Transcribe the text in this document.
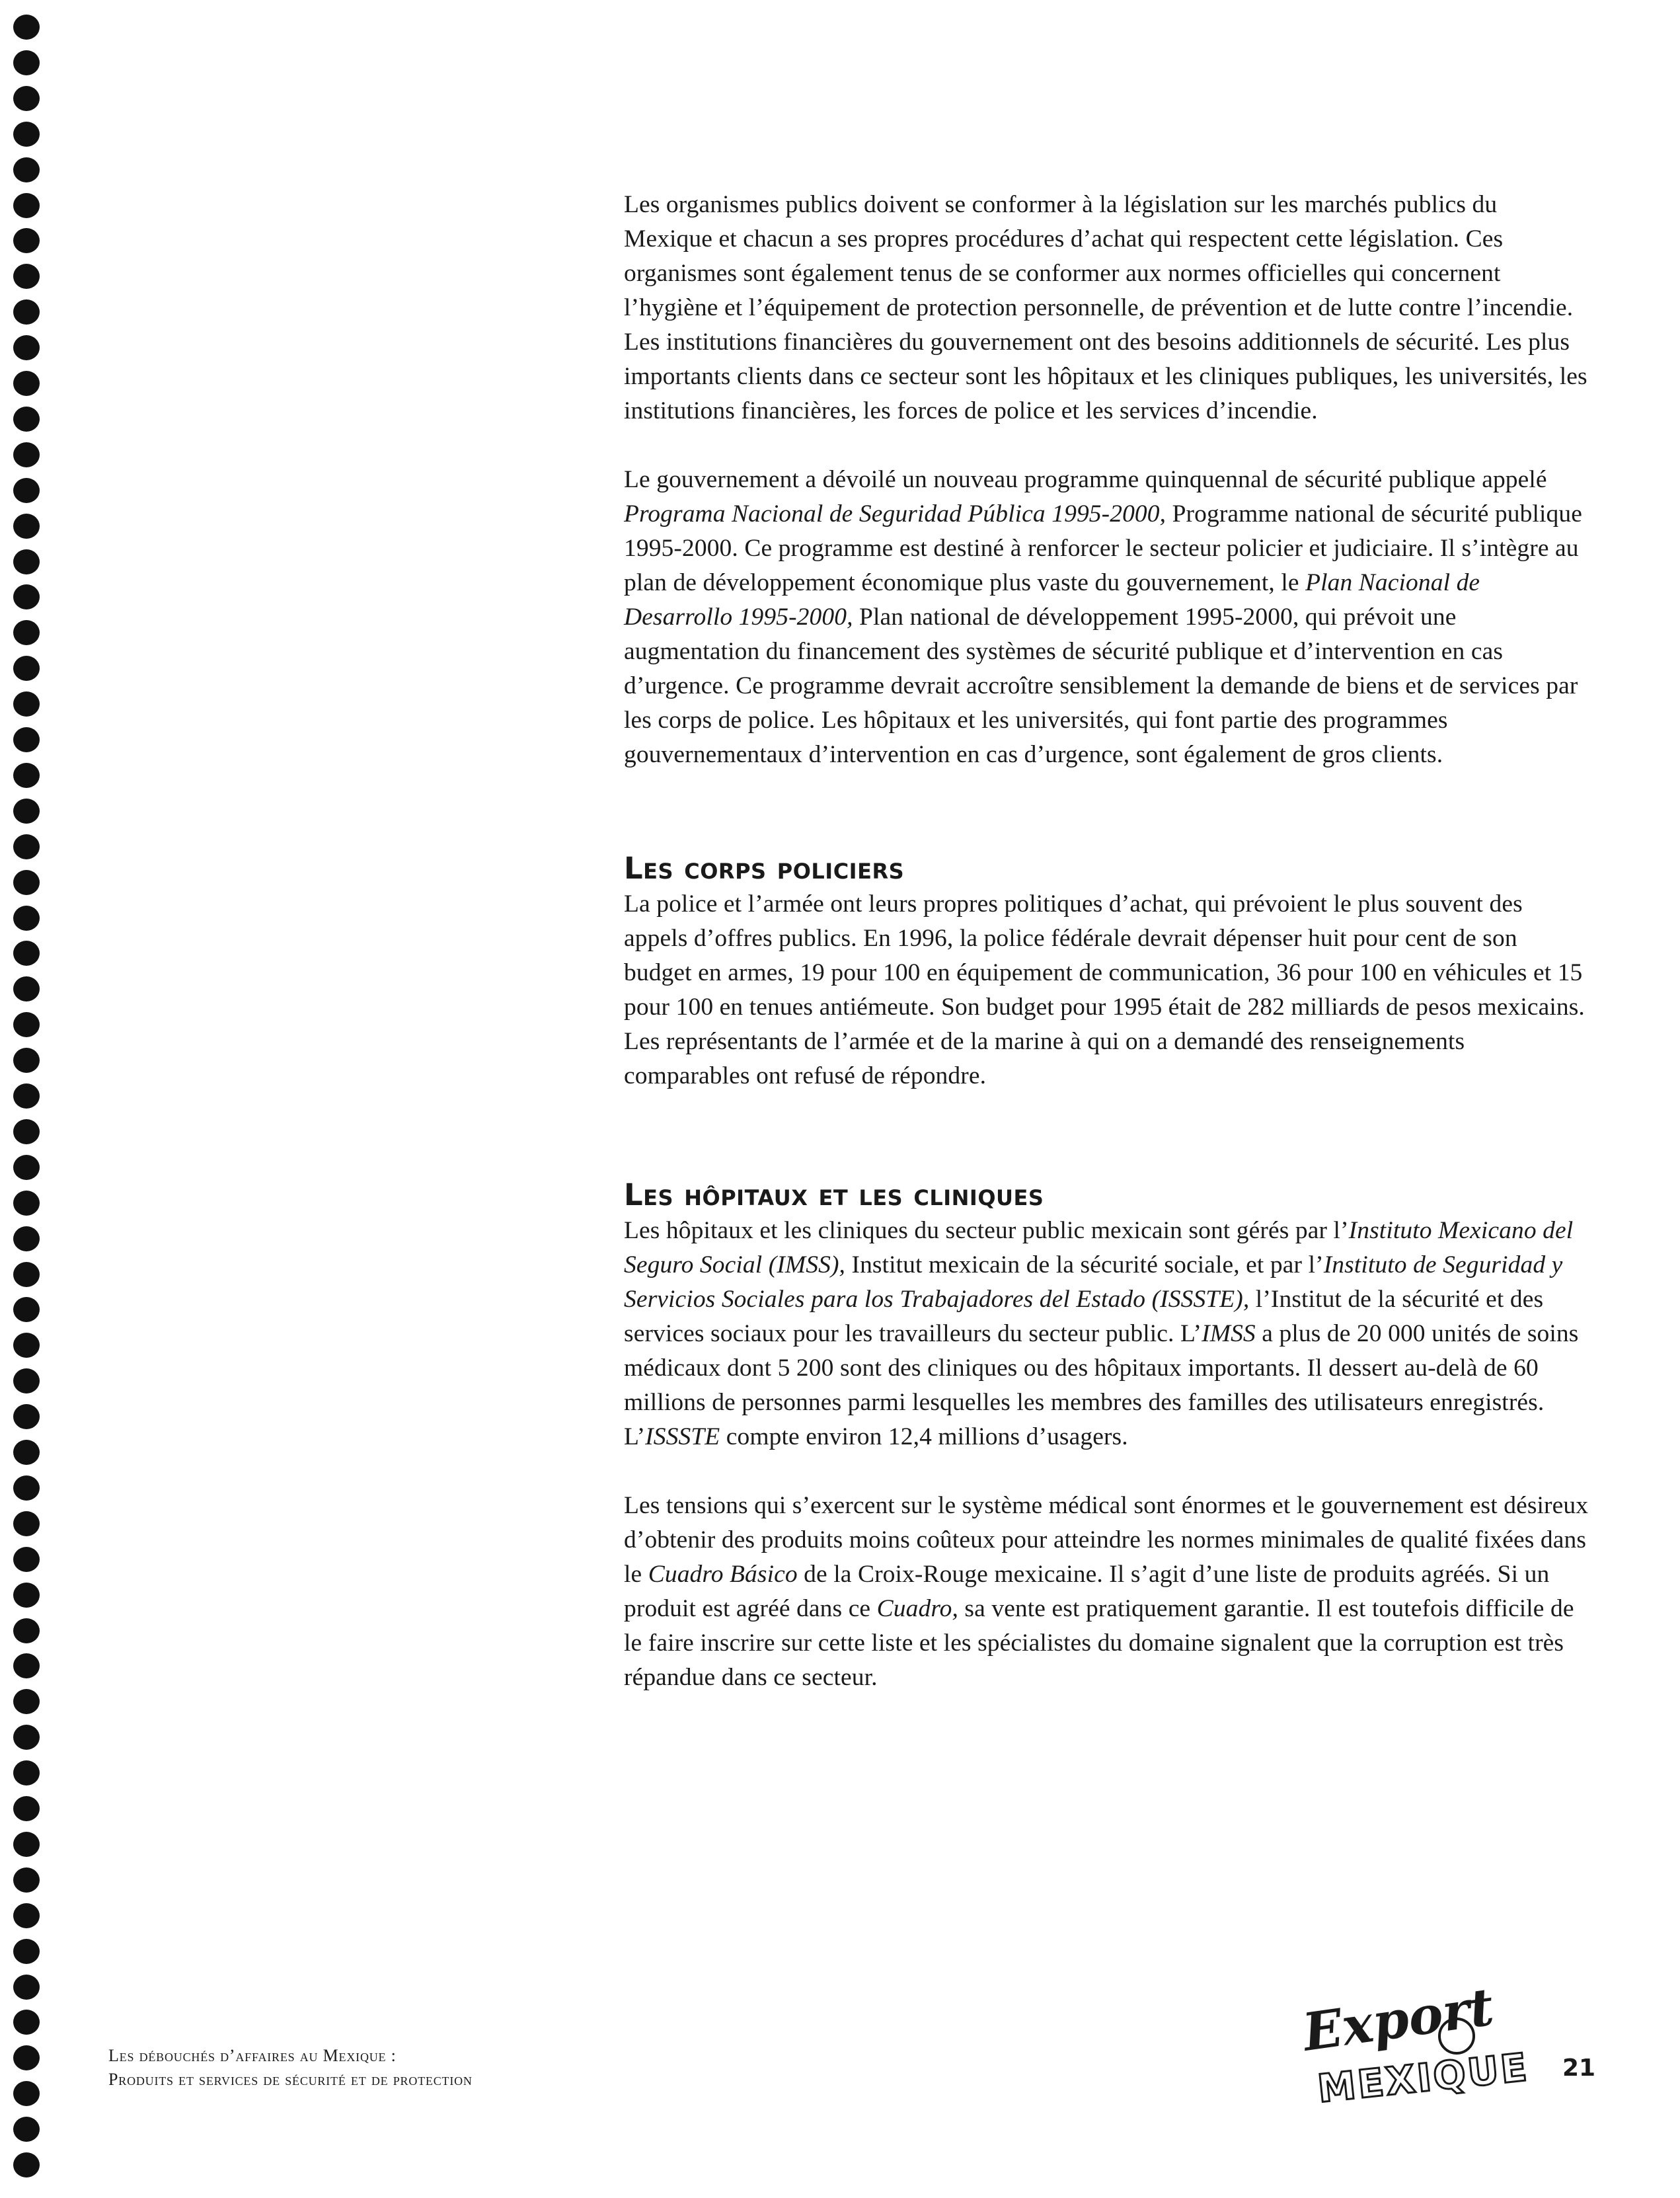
Les organismes publics doivent se conformer à la législation sur les marchés publics du Mexique et chacun a ses propres procédures d’achat qui respectent cette législation. Ces organismes sont également tenus de se conformer aux normes officielles qui concernent l’hygiène et l’équipement de protection personnelle, de prévention et de lutte contre l’incendie. Les institutions financières du gouvernement ont des besoins additionnels de sécurité. Les plus importants clients dans ce secteur sont les hôpitaux et les cliniques publiques, les universités, les institutions financières, les forces de police et les services d’incendie.

Le gouvernement a dévoilé un nouveau programme quinquennal de sécurité publique appelé Programa Nacional de Seguridad Pública 1995-2000, Programme national de sécurité publique 1995-2000. Ce programme est destiné à renforcer le secteur policier et judiciaire. Il s’intègre au plan de développement économique plus vaste du gouvernement, le Plan Nacional de Desarrollo 1995-2000, Plan national de développement 1995-2000, qui prévoit une augmentation du financement des systèmes de sécurité publique et d’intervention en cas d’urgence. Ce programme devrait accroître sensiblement la demande de biens et de services par les corps de police. Les hôpitaux et les universités, qui font partie des programmes gouvernementaux d’intervention en cas d’urgence, sont également de gros clients.

Les corps policiers

La police et l’armée ont leurs propres politiques d’achat, qui prévoient le plus souvent des appels d’offres publics. En 1996, la police fédérale devrait dépenser huit pour cent de son budget en armes, 19 pour 100 en équipement de communication, 36 pour 100 en véhicules et 15 pour 100 en tenues antiémeute. Son budget pour 1995 était de 282 milliards de pesos mexicains. Les représentants de l’armée et de la marine à qui on a demandé des renseignements comparables ont refusé de répondre.

Les hôpitaux et les cliniques

Les hôpitaux et les cliniques du secteur public mexicain sont gérés par l’Instituto Mexicano del Seguro Social (IMSS), Institut mexicain de la sécurité sociale, et par l’Instituto de Seguridad y Servicios Sociales para los Trabajadores del Estado (ISSSTE), l’Institut de la sécurité et des services sociaux pour les travailleurs du secteur public. L’IMSS a plus de 20 000 unités de soins médicaux dont 5 200 sont des cliniques ou des hôpitaux importants. Il dessert au-delà de 60 millions de personnes parmi lesquelles les membres des familles des utilisateurs enregistrés. L’ISSSTE compte environ 12,4 millions d’usagers.

Les tensions qui s’exercent sur le système médical sont énormes et le gouvernement est désireux d’obtenir des produits moins coûteux pour atteindre les normes minimales de qualité fixées dans le Cuadro Básico de la Croix-Rouge mexicaine. Il s’agit d’une liste de produits agréés. Si un produit est agréé dans ce Cuadro, sa vente est pratiquement garantie. Il est toutefois difficile de le faire inscrire sur cette liste et les spécialistes du domaine signalent que la corruption est très répandue dans ce secteur.

Les débouchés d’affaires au Mexique :
Produits et services de sécurité et de protection
Export
MEXIQUE 21
